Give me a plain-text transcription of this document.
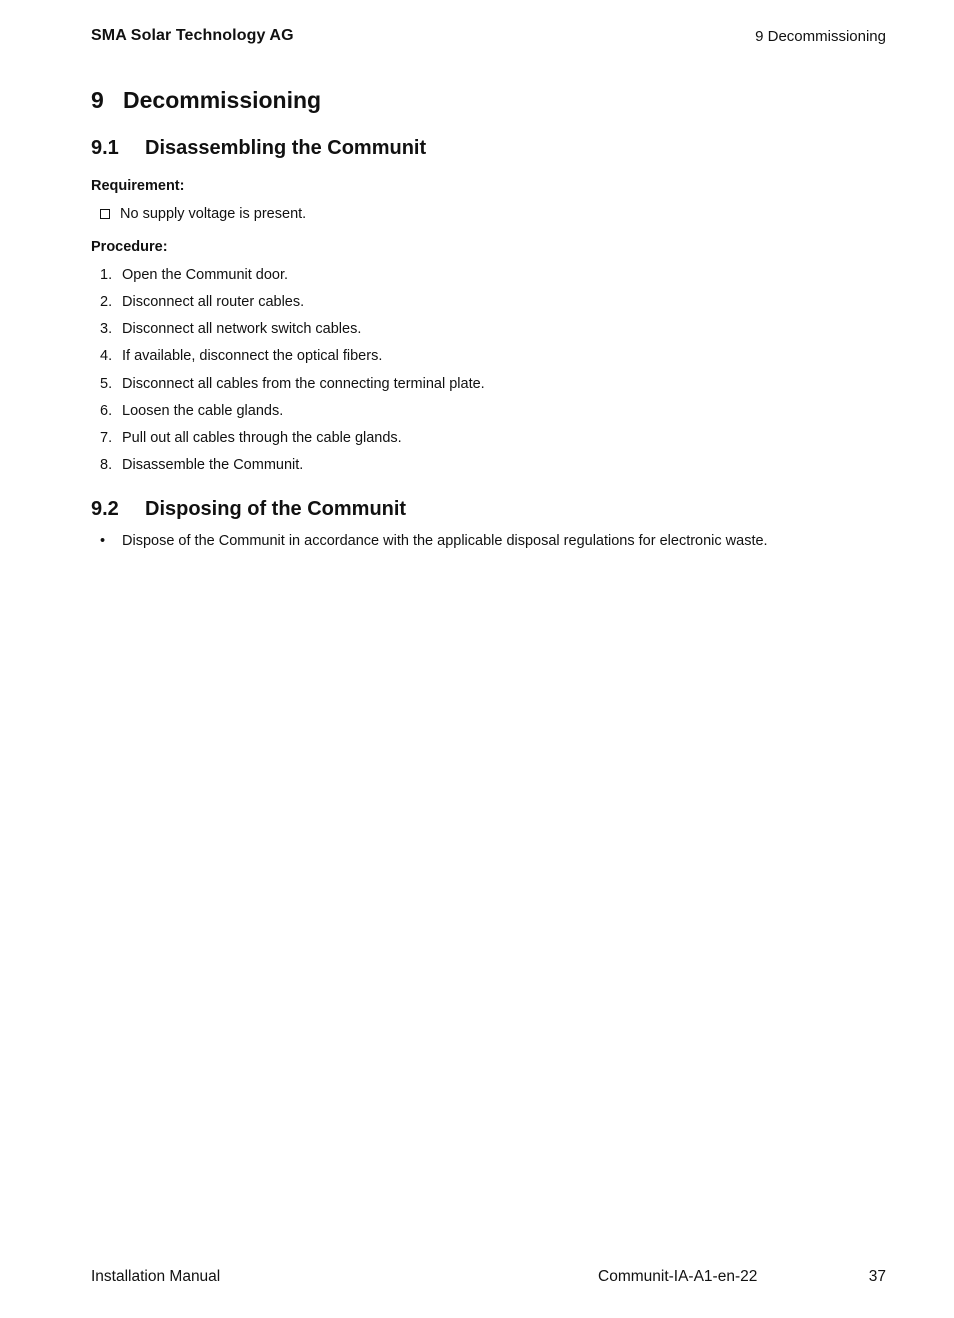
SMA Solar Technology AG	9 Decommissioning
9 Decommissioning
9.1 Disassembling the Communit
Requirement:
No supply voltage is present.
Procedure:
1. Open the Communit door.
2. Disconnect all router cables.
3. Disconnect all network switch cables.
4. If available, disconnect the optical fibers.
5. Disconnect all cables from the connecting terminal plate.
6. Loosen the cable glands.
7. Pull out all cables through the cable glands.
8. Disassemble the Communit.
9.2 Disposing of the Communit
• Dispose of the Communit in accordance with the applicable disposal regulations for electronic waste.
Installation Manual	Communit-IA-A1-en-22	37
